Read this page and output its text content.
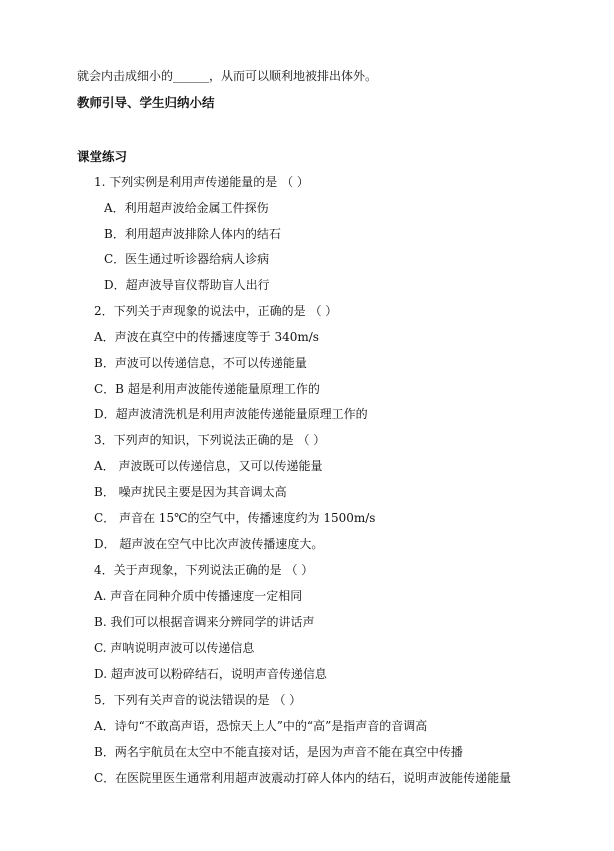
就会内击成细小的______，从而可以顺利地被排出体外。
教师引导、学生归纳小结
课堂练习
1. 下列实例是利用声传递能量的是 （ ）
A．利用超声波给金属工件探伤
B．利用超声波排除人体内的结石
C．医生通过听诊器给病人诊病
D．超声波导盲仪帮助盲人出行
2．下列关于声现象的说法中，正确的是 （ ）
A．声波在真空中的传播速度等于 340m/s
B．声波可以传递信息，不可以传递能量
C．B 超是利用声波能传递能量原理工作的
D．超声波清洗机是利用声波能传递能量原理工作的
3．下列声的知识，下列说法正确的是 （ ）
A． 声波既可以传递信息，又可以传递能量
B． 噪声扰民主要是因为其音调太高
C． 声音在 15℃的空气中，传播速度约为 1500m/s
D． 超声波在空气中比次声波传播速度大。
4．关于声现象，下列说法正确的是 （ ）
A. 声音在同种介质中传播速度一定相同
B. 我们可以根据音调来分辨同学的讲话声
C. 声呐说明声波可以传递信息
D. 超声波可以粉碎结石，说明声音传递信息
5．下列有关声音的说法错误的是 （ ）
A．诗句“不敢高声语，恐惊天上人”中的“高”是指声音的音调高
B．两名宇航员在太空中不能直接对话，是因为声音不能在真空中传播
C．在医院里医生通常利用超声波震动打碎人体内的结石，说明声波能传递能量
